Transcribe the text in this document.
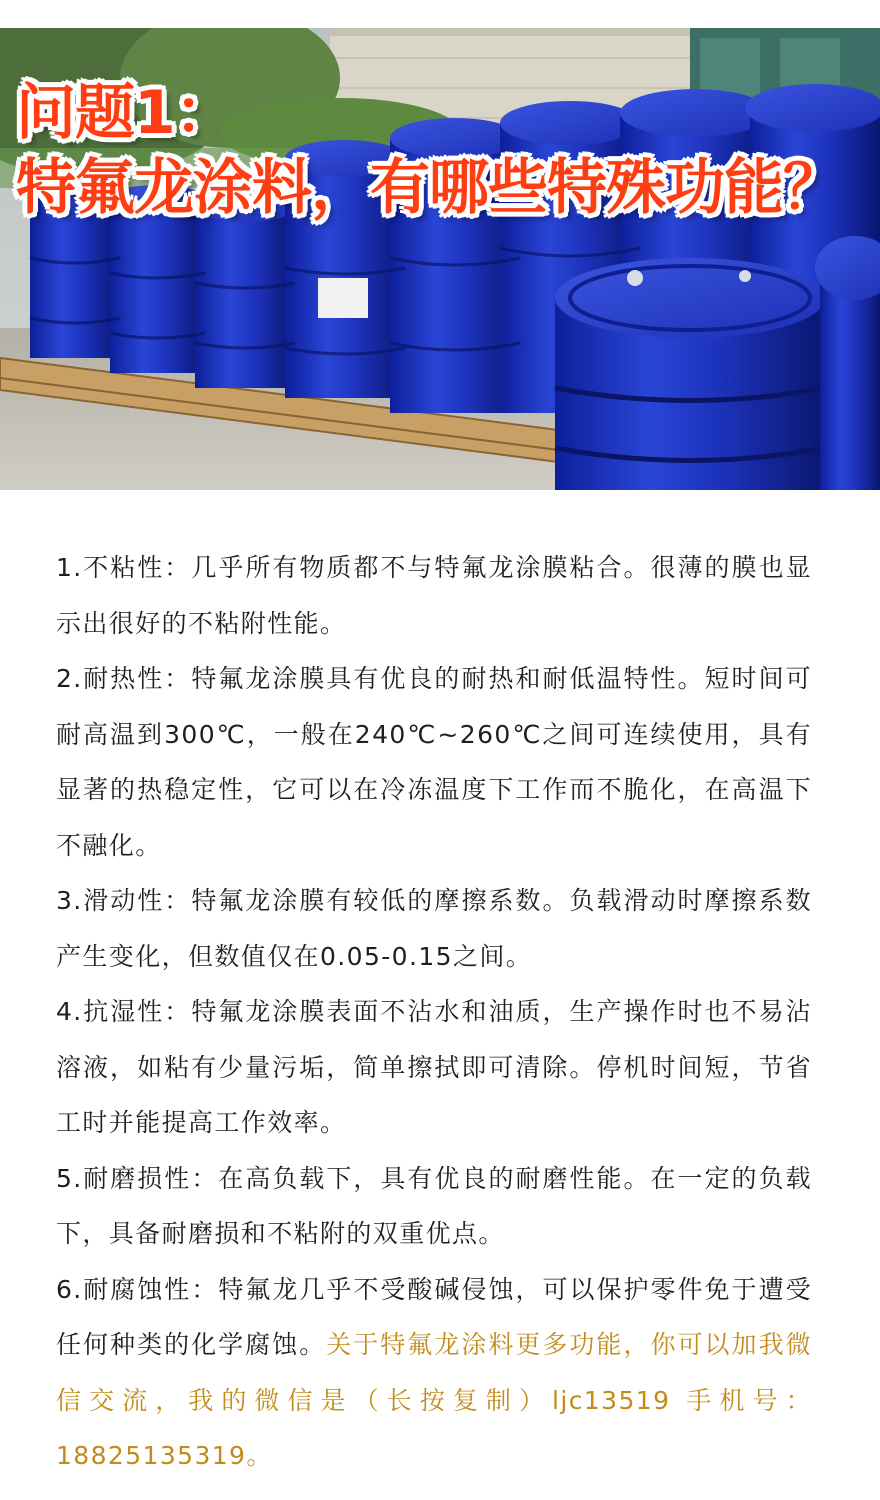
问题1：
特氟龙涂料，有哪些特殊功能？

1.不粘性：几乎所有物质都不与特氟龙涂膜粘合。很薄的膜也显示出很好的不粘附性能。

2.耐热性：特氟龙涂膜具有优良的耐热和耐低温特性。短时间可耐高温到300℃，一般在240℃~260℃之间可连续使用，具有显著的热稳定性，它可以在冷冻温度下工作而不脆化，在高温下不融化。

3.滑动性：特氟龙涂膜有较低的摩擦系数。负载滑动时摩擦系数产生变化，但数值仅在0.05-0.15之间。

4.抗湿性：特氟龙涂膜表面不沾水和油质，生产操作时也不易沾溶液，如粘有少量污垢，简单擦拭即可清除。停机时间短，节省工时并能提高工作效率。

5.耐磨损性：在高负载下，具有优良的耐磨性能。在一定的负载下，具备耐磨损和不粘附的双重优点。

6.耐腐蚀性：特氟龙几乎不受酸碱侵蚀，可以保护零件免于遭受任何种类的化学腐蚀。关于特氟龙涂料更多功能，你可以加我微信交流，我的微信是（长按复制）ljc13519 手机号：18825135319。
